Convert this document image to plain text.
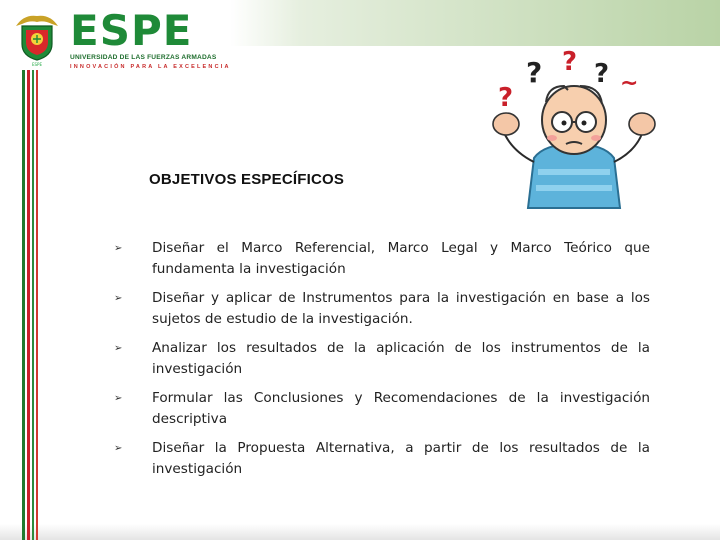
ESPE
ESPE
UNIVERSIDAD DE LAS FUERZAS ARMADAS
INNOVACIÓN PARA LA EXCELENCIA
?
? ? ? ~
OBJETIVOS ESPECÍFICOS
➢ Diseñar el Marco Referencial, Marco Legal y Marco Teórico que fundamenta la investigación
➢ Diseñar y aplicar de Instrumentos para la investigación en base a los sujetos de estudio de la investigación.
➢ Analizar los resultados de la aplicación de los instrumentos de la investigación
➢ Formular las Conclusiones y Recomendaciones de la investigación descriptiva
➢ Diseñar la Propuesta Alternativa, a partir de los resultados de la investigación
